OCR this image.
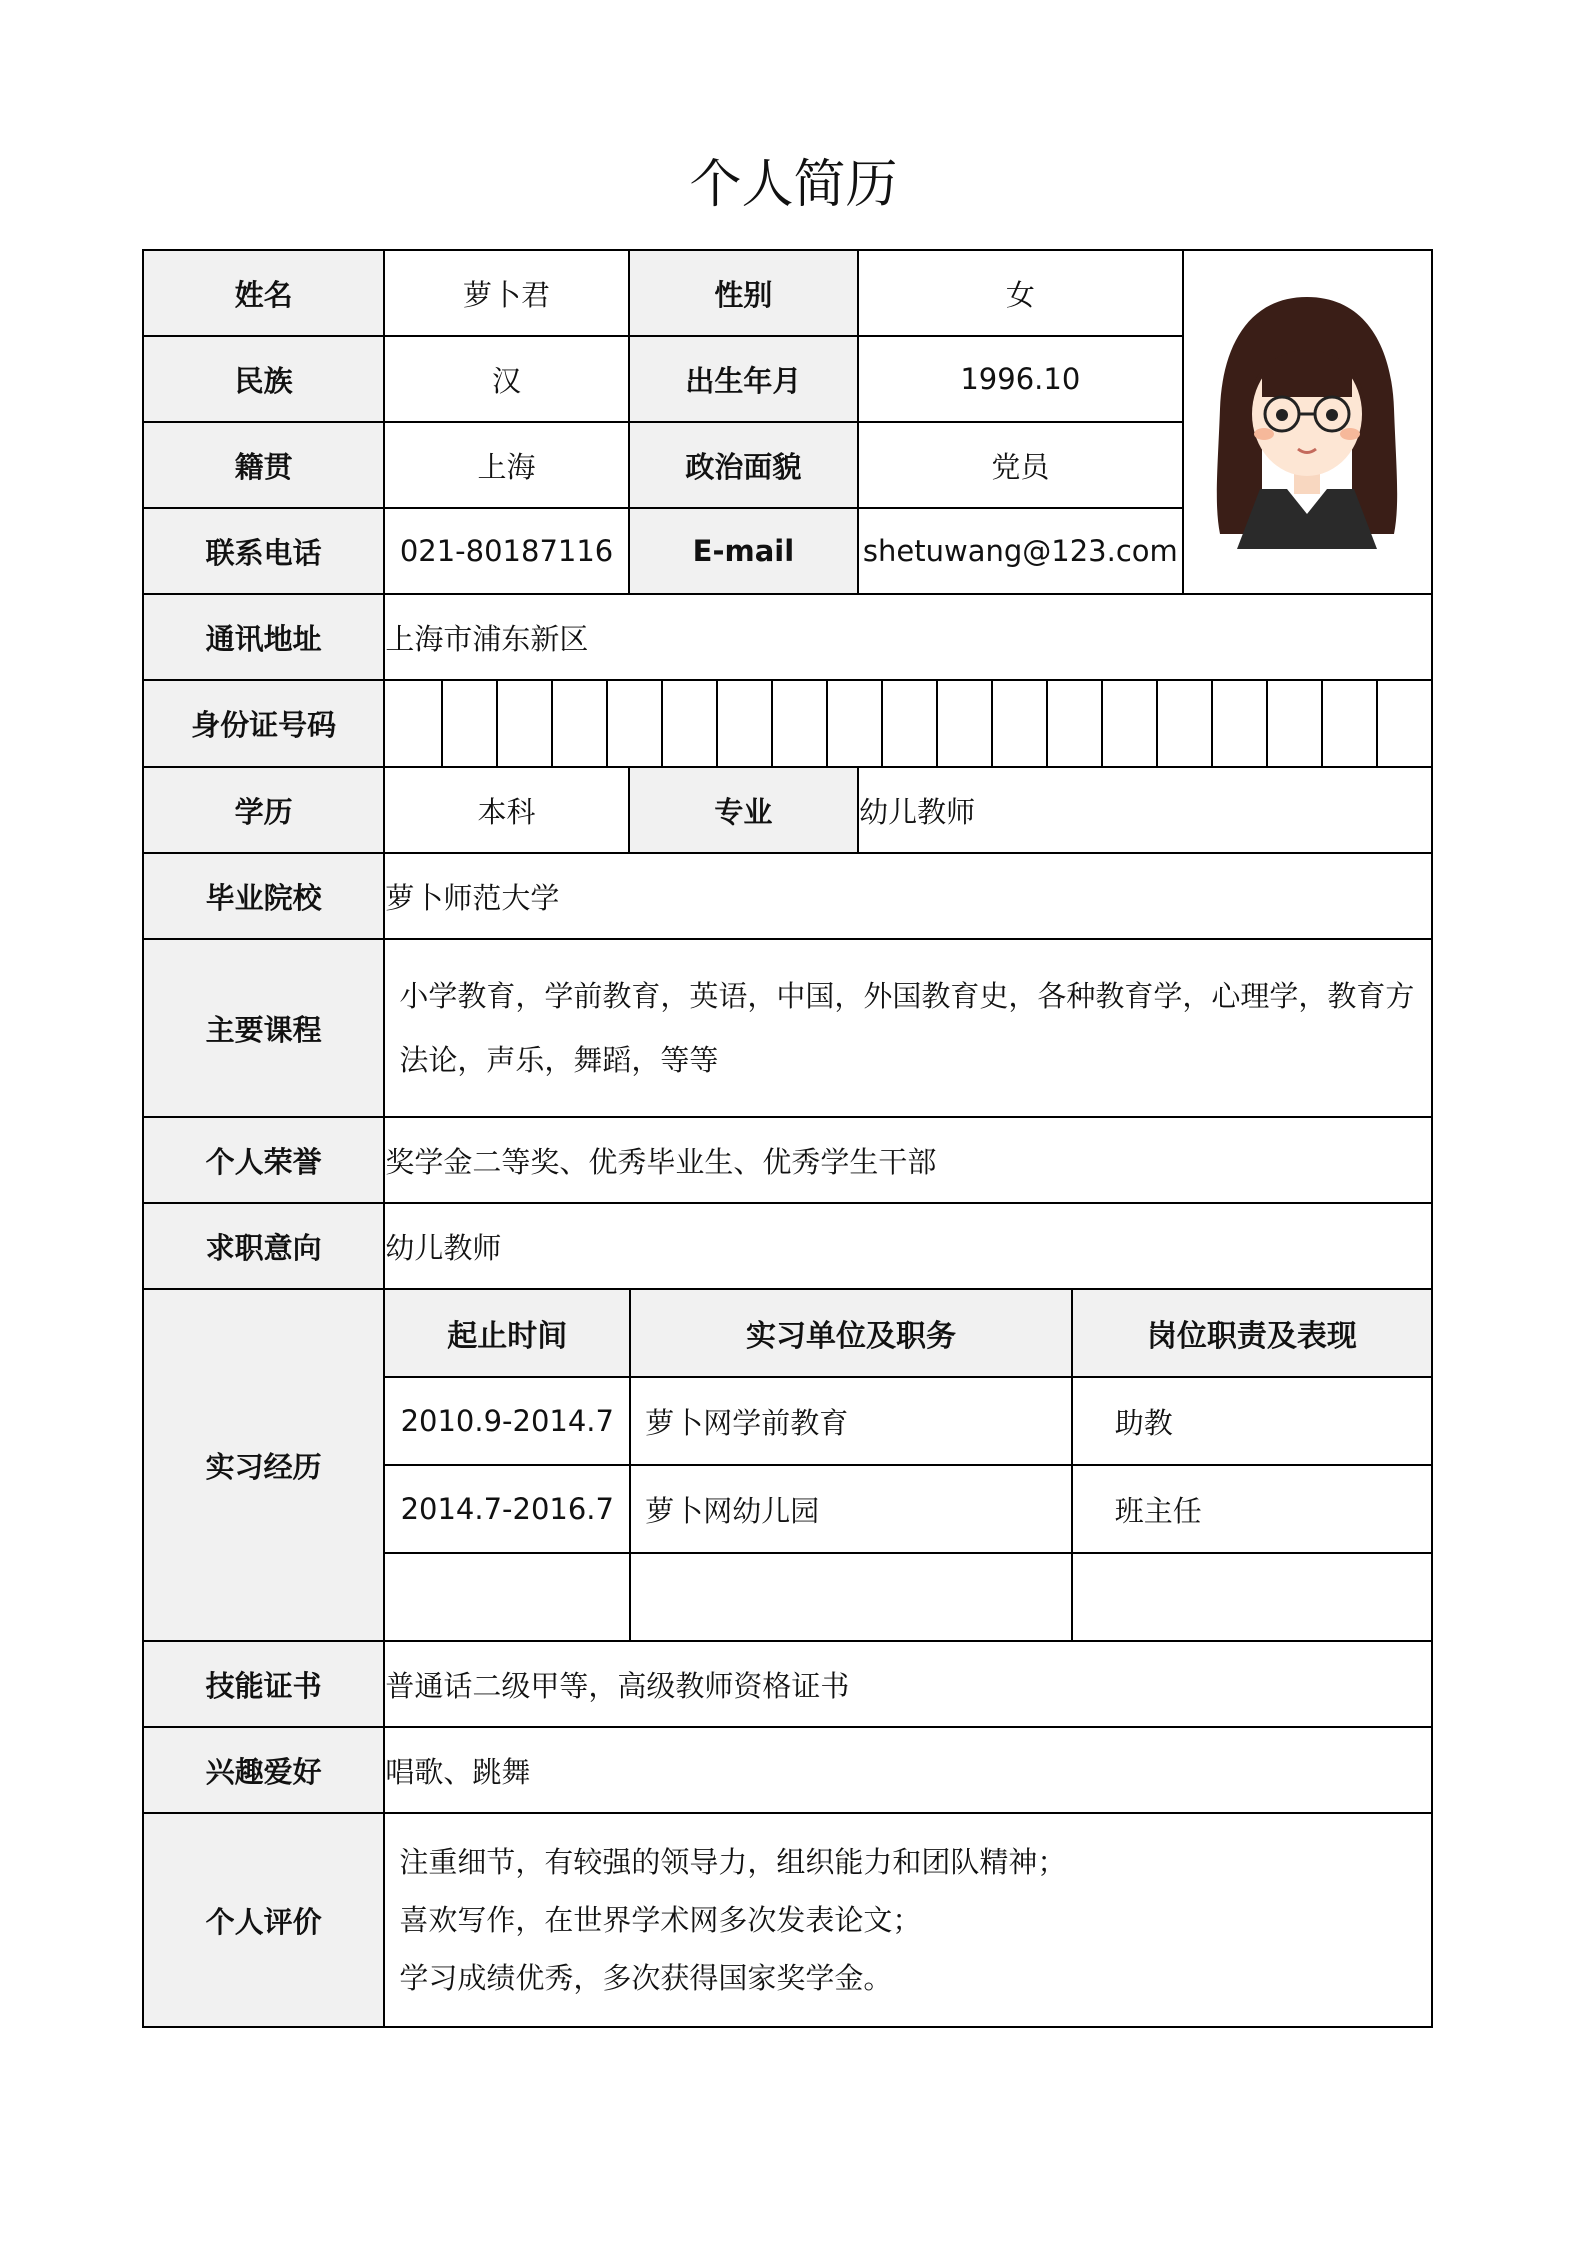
个人简历
姓名	萝卜君	性别	女	
民族	汉	出生年月	1996.10
籍贯	上海	政治面貌	党员
联系电话	021-80187116	E-mail	shetuwang@123.com
通讯地址	上海市浦东新区
身份证号码	

学历	本科	专业	幼儿教师
毕业院校	萝卜师范大学
主要课程	
小学教育，学前教育，英语，中国，外国教育史，各种教育学，心理学，教育方法论，声乐，舞蹈，等等

个人荣誉	奖学金二等奖、优秀毕业生、优秀学生干部
求职意向	幼儿教师
实习经历	
起止时间	实习单位及职务	岗位职责及表现
2010.9-2014.7	萝卜网学前教育	助教
2014.7-2016.7	萝卜网幼儿园	班主任

技能证书	普通话二级甲等，高级教师资格证书
兴趣爱好	唱歌、跳舞
个人评价	
注重细节，有较强的领导力，组织能力和团队精神；
喜欢写作，在世界学术网多次发表论文；
学习成绩优秀，多次获得国家奖学金。
